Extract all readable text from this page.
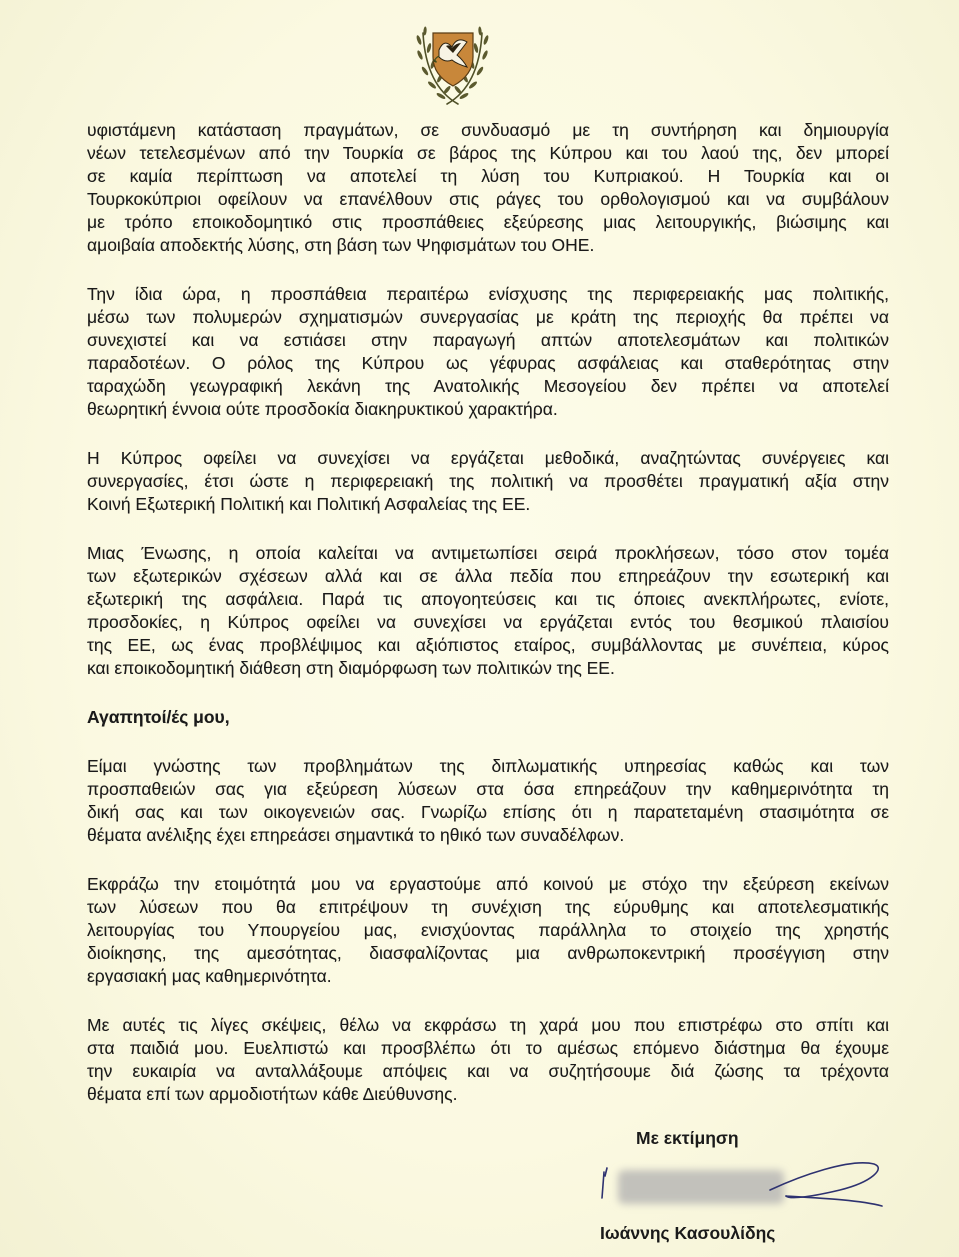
υφιστάμενη κατάσταση πραγμάτων, σε συνδυασμό με τη συντήρηση και δημιουργία
νέων τετελεσμένων από την Τουρκία σε βάρος της Κύπρου και του λαού της, δεν μπορεί
σε καμία περίπτωση να αποτελεί τη λύση του Κυπριακού. Η Τουρκία και οι
Τουρκοκύπριοι οφείλουν να επανέλθουν στις ράγες του ορθολογισμού και να συμβάλουν
με τρόπο εποικοδομητικό στις προσπάθειες εξεύρεσης μιας λειτουργικής, βιώσιμης και
αμοιβαία αποδεκτής λύσης, στη βάση των Ψηφισμάτων του ΟΗΕ.
Την ίδια ώρα, η προσπάθεια περαιτέρω ενίσχυσης της περιφερειακής μας πολιτικής,
μέσω των πολυμερών σχηματισμών συνεργασίας με κράτη της περιοχής θα πρέπει να
συνεχιστεί και να εστιάσει στην παραγωγή απτών αποτελεσμάτων και πολιτικών
παραδοτέων. Ο ρόλος της Κύπρου ως γέφυρας ασφάλειας και σταθερότητας στην
ταραχώδη γεωγραφική λεκάνη της Ανατολικής Μεσογείου δεν πρέπει να αποτελεί
θεωρητική έννοια ούτε προσδοκία διακηρυκτικού χαρακτήρα.
Η Κύπρος οφείλει να συνεχίσει να εργάζεται μεθοδικά, αναζητώντας συνέργειες και
συνεργασίες, έτσι ώστε η περιφερειακή της πολιτική να προσθέτει πραγματική αξία στην
Κοινή Εξωτερική Πολιτική και Πολιτική Ασφαλείας της ΕΕ.
Μιας Ένωσης, η οποία καλείται να αντιμετωπίσει σειρά προκλήσεων, τόσο στον τομέα
των εξωτερικών σχέσεων αλλά και σε άλλα πεδία που επηρεάζουν την εσωτερική και
εξωτερική της ασφάλεια. Παρά τις απογοητεύσεις και τις όποιες ανεκπλήρωτες, ενίοτε,
προσδοκίες, η Κύπρος οφείλει να συνεχίσει να εργάζεται εντός του θεσμικού πλαισίου
της ΕΕ, ως ένας προβλέψιμος και αξιόπιστος εταίρος, συμβάλλοντας με συνέπεια, κύρος
και εποικοδομητική διάθεση στη διαμόρφωση των πολιτικών της ΕΕ.
Αγαπητοί/ές μου,
Είμαι γνώστης των προβλημάτων της διπλωματικής υπηρεσίας καθώς και των
προσπαθειών σας για εξεύρεση λύσεων στα όσα επηρεάζουν την καθημερινότητα τη
δική σας και των οικογενειών σας. Γνωρίζω επίσης ότι η παρατεταμένη στασιμότητα σε
θέματα ανέλιξης έχει επηρεάσει σημαντικά το ηθικό των συναδέλφων.
Εκφράζω την ετοιμότητά μου να εργαστούμε από κοινού με στόχο την εξεύρεση εκείνων
των λύσεων που θα επιτρέψουν τη συνέχιση της εύρυθμης και αποτελεσματικής
λειτουργίας του Υπουργείου μας, ενισχύοντας παράλληλα το στοιχείο της χρηστής
διοίκησης, της αμεσότητας, διασφαλίζοντας μια ανθρωποκεντρική προσέγγιση στην
εργασιακή μας καθημερινότητα.
Με αυτές τις λίγες σκέψεις, θέλω να εκφράσω τη χαρά μου που επιστρέφω στο σπίτι και
στα παιδιά μου. Ευελπιστώ και προσβλέπω ότι το αμέσως επόμενο διάστημα θα έχουμε
την ευκαιρία να ανταλλάξουμε απόψεις και να συζητήσουμε διά ζώσης τα τρέχοντα
θέματα επί των αρμοδιοτήτων κάθε Διεύθυνσης.
Με εκτίμηση
Ιωάννης Κασουλίδης
